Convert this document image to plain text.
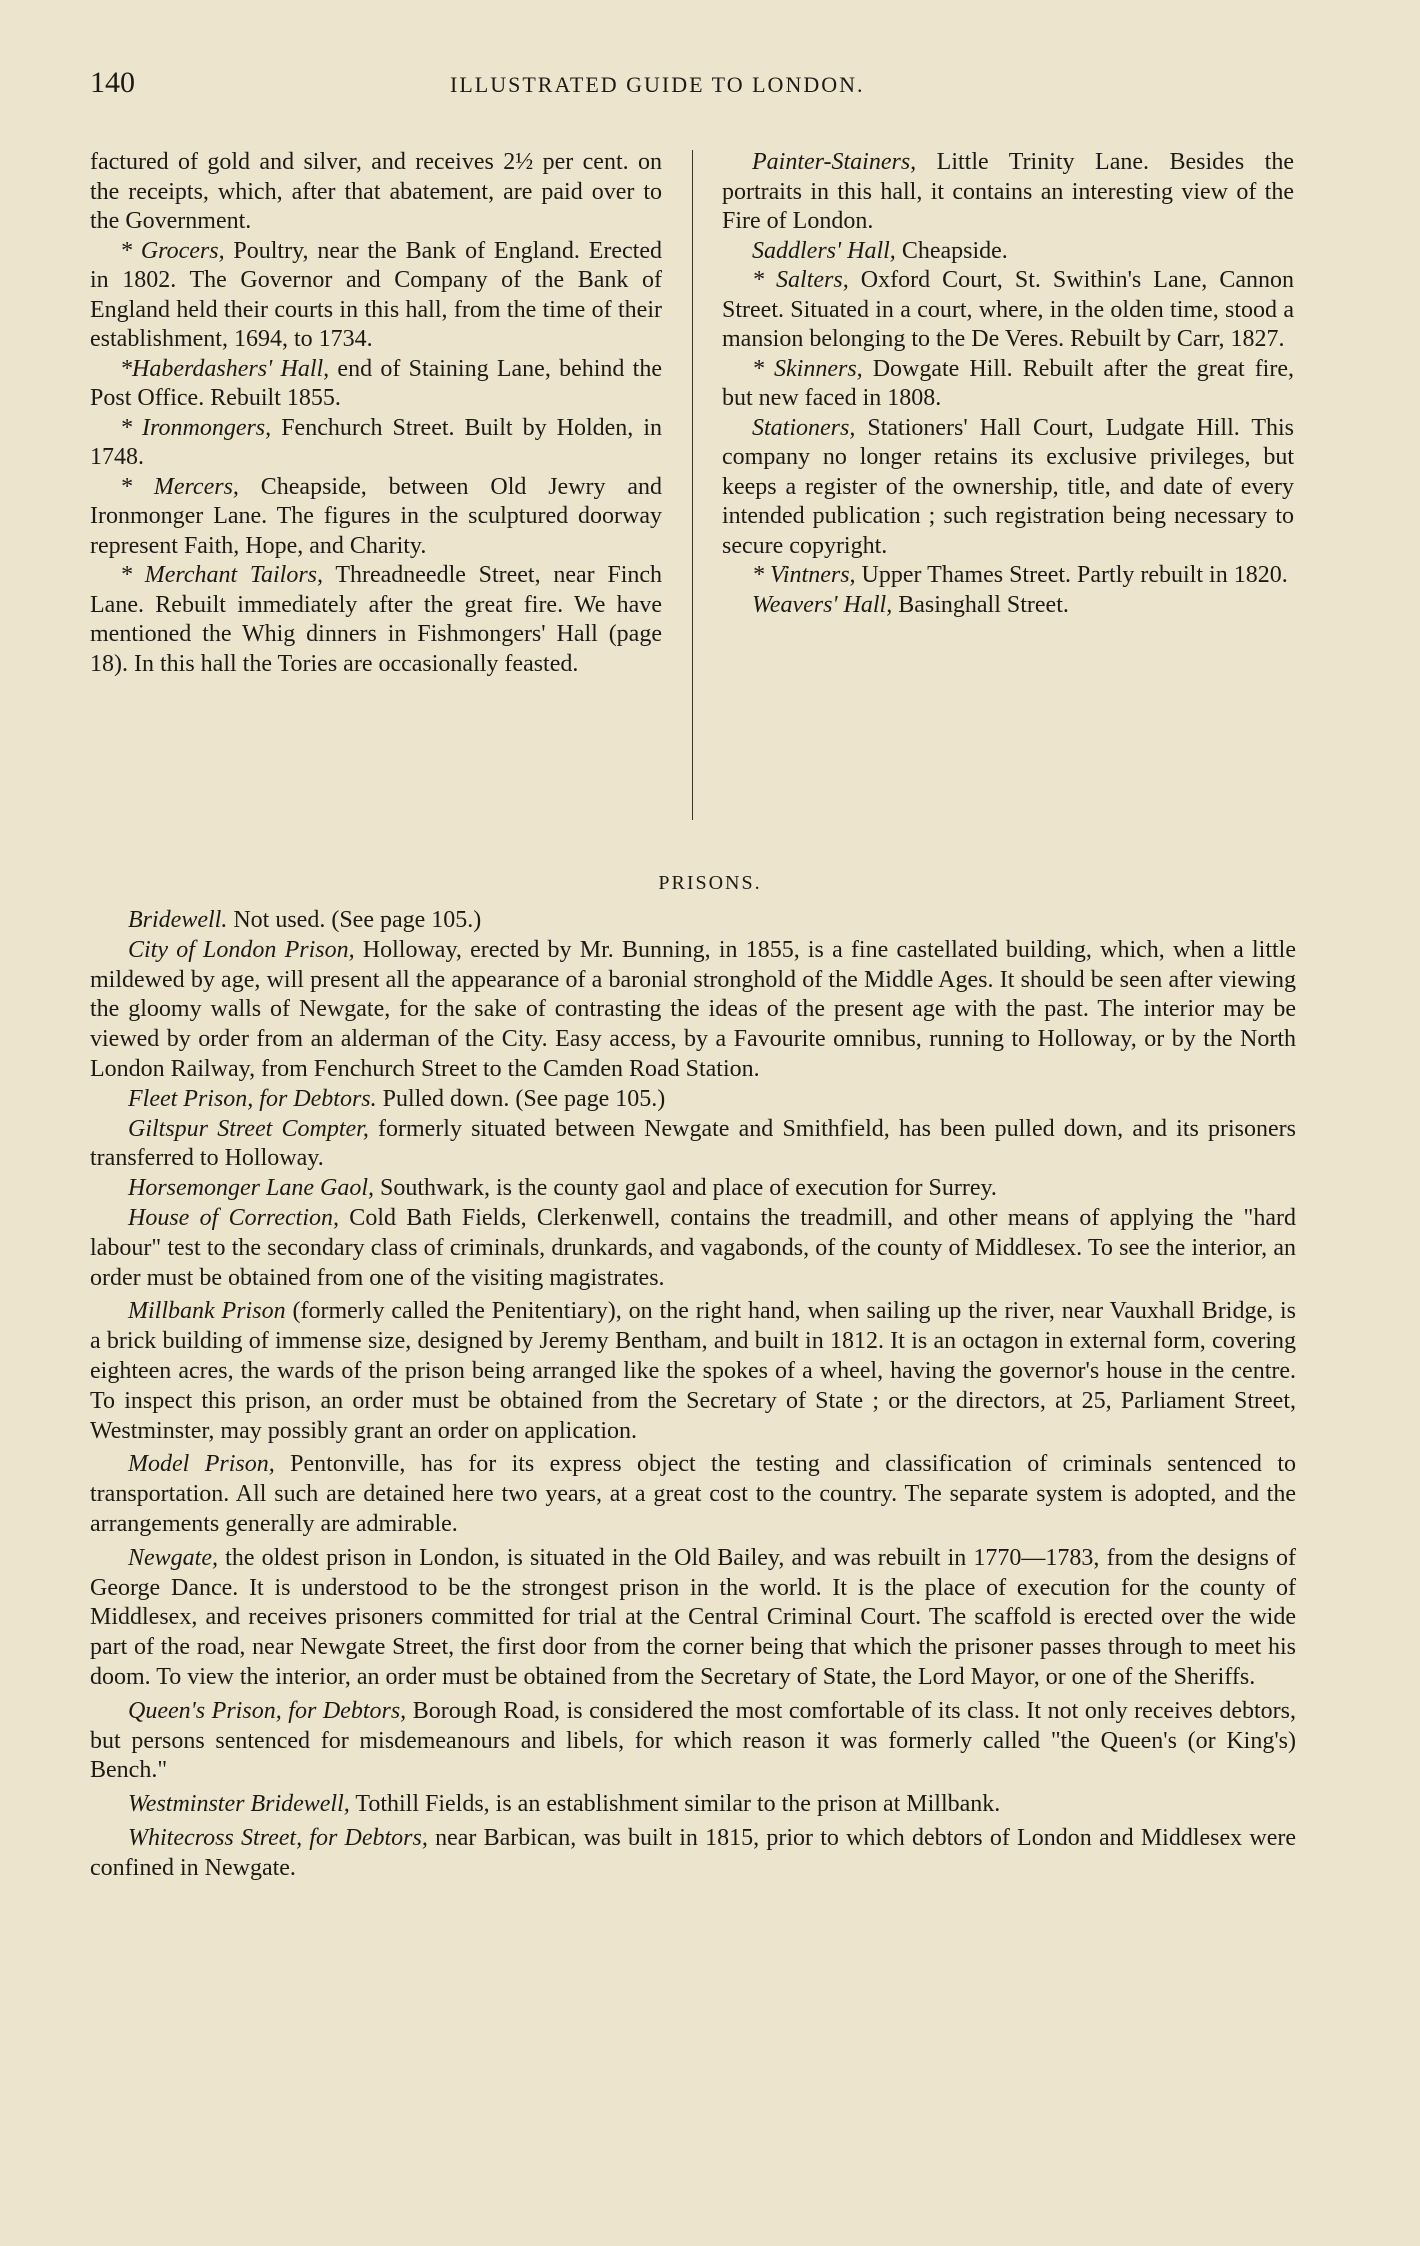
140	ILLUSTRATED GUIDE TO LONDON.

factured of gold and silver, and receives 2½ per cent. on the receipts, which, after that abatement, are paid over to the Government.

* Grocers, Poultry, near the Bank of England. Erected in 1802. The Governor and Company of the Bank of England held their courts in this hall, from the time of their establishment, 1694, to 1734.

*Haberdashers' Hall, end of Staining Lane, behind the Post Office. Rebuilt 1855.

* Ironmongers, Fenchurch Street. Built by Holden, in 1748.

* Mercers, Cheapside, between Old Jewry and Ironmonger Lane. The figures in the sculptured doorway represent Faith, Hope, and Charity.

* Merchant Tailors, Threadneedle Street, near Finch Lane. Rebuilt immediately after the great fire. We have mentioned the Whig dinners in Fishmongers' Hall (page 18). In this hall the Tories are occasionally feasted.

Painter-Stainers, Little Trinity Lane. Besides the portraits in this hall, it contains an interesting view of the Fire of London.

Saddlers' Hall, Cheapside.

* Salters, Oxford Court, St. Swithin's Lane, Cannon Street. Situated in a court, where, in the olden time, stood a mansion belonging to the De Veres. Rebuilt by Carr, 1827.

* Skinners, Dowgate Hill. Rebuilt after the great fire, but new faced in 1808.

Stationers, Stationers' Hall Court, Ludgate Hill. This company no longer retains its exclusive privileges, but keeps a register of the ownership, title, and date of every intended publication ; such registration being necessary to secure copyright.

* Vintners, Upper Thames Street. Partly rebuilt in 1820.

Weavers' Hall, Basinghall Street.

PRISONS.

Bridewell. Not used. (See page 105.)

City of London Prison, Holloway, erected by Mr. Bunning, in 1855, is a fine castellated building, which, when a little mildewed by age, will present all the appearance of a baronial stronghold of the Middle Ages. It should be seen after viewing the gloomy walls of Newgate, for the sake of contrasting the ideas of the present age with the past. The interior may be viewed by order from an alderman of the City. Easy access, by a Favourite omnibus, running to Holloway, or by the North London Railway, from Fenchurch Street to the Camden Road Station.

Fleet Prison, for Debtors. Pulled down. (See page 105.)

Giltspur Street Compter, formerly situated between Newgate and Smithfield, has been pulled down, and its prisoners transferred to Holloway.

Horsemonger Lane Gaol, Southwark, is the county gaol and place of execution for Surrey.

House of Correction, Cold Bath Fields, Clerkenwell, contains the treadmill, and other means of applying the "hard labour" test to the secondary class of criminals, drunkards, and vagabonds, of the county of Middlesex. To see the interior, an order must be obtained from one of the visiting magistrates.

Millbank Prison (formerly called the Penitentiary), on the right hand, when sailing up the river, near Vauxhall Bridge, is a brick building of immense size, designed by Jeremy Bentham, and built in 1812. It is an octagon in external form, covering eighteen acres, the wards of the prison being arranged like the spokes of a wheel, having the governor's house in the centre. To inspect this prison, an order must be obtained from the Secretary of State ; or the directors, at 25, Parliament Street, Westminster, may possibly grant an order on application.

Model Prison, Pentonville, has for its express object the testing and classification of criminals sentenced to transportation. All such are detained here two years, at a great cost to the country. The separate system is adopted, and the arrangements generally are admirable.

Newgate, the oldest prison in London, is situated in the Old Bailey, and was rebuilt in 1770—1783, from the designs of George Dance. It is understood to be the strongest prison in the world. It is the place of execution for the county of Middlesex, and receives prisoners committed for trial at the Central Criminal Court. The scaffold is erected over the wide part of the road, near Newgate Street, the first door from the corner being that which the prisoner passes through to meet his doom. To view the interior, an order must be obtained from the Secretary of State, the Lord Mayor, or one of the Sheriffs.

Queen's Prison, for Debtors, Borough Road, is considered the most comfortable of its class. It not only receives debtors, but persons sentenced for misdemeanours and libels, for which reason it was formerly called "the Queen's (or King's) Bench."

Westminster Bridewell, Tothill Fields, is an establishment similar to the prison at Millbank.

Whitecross Street, for Debtors, near Barbican, was built in 1815, prior to which debtors of London and Middlesex were confined in Newgate.
